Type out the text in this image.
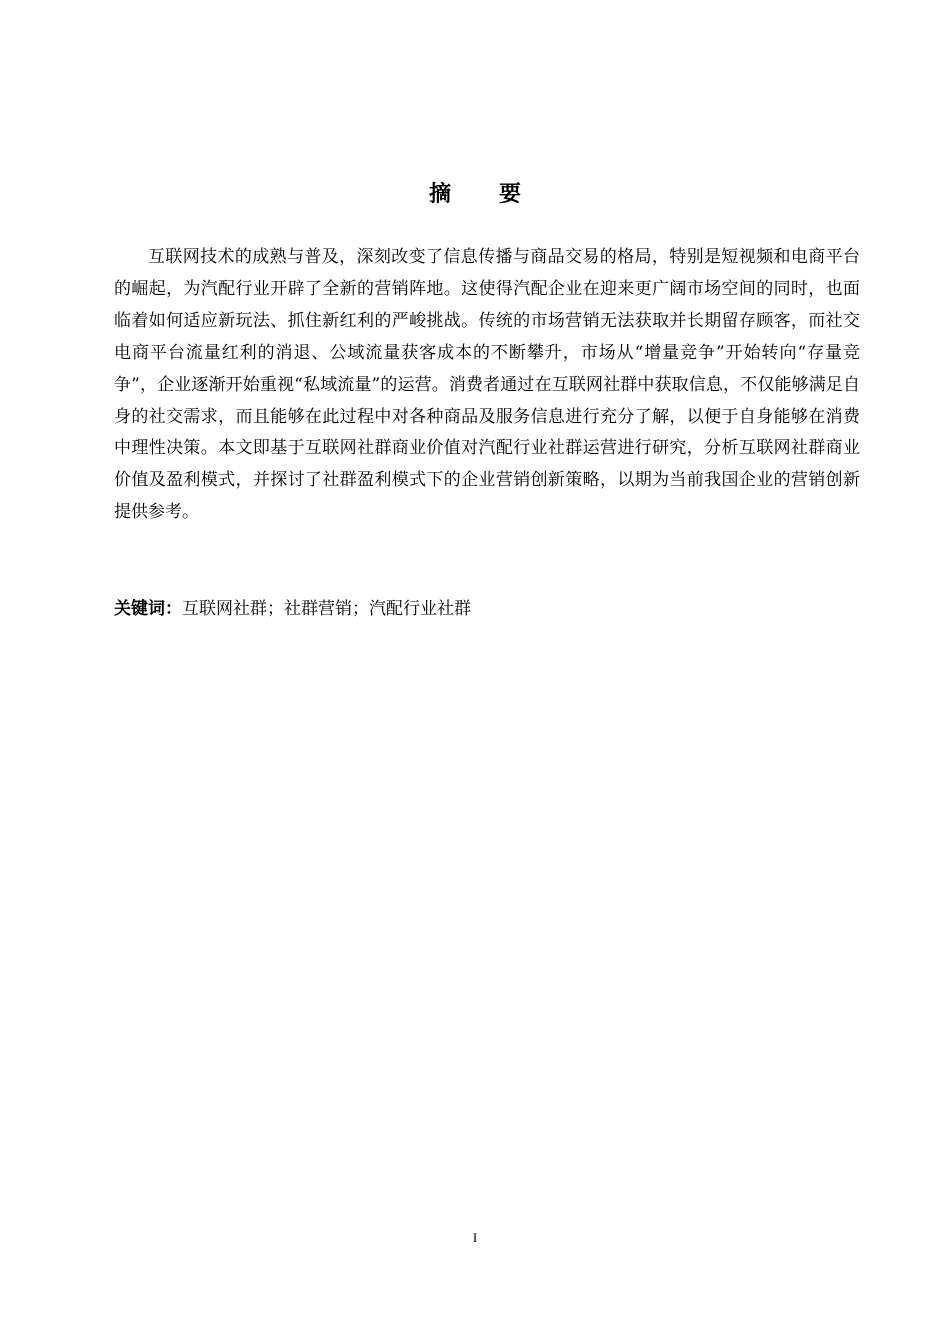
摘 要

互联网技术的成熟与普及，深刻改变了信息传播与商品交易的格局，特别是短视频和电商平台的崛起，为汽配行业开辟了全新的营销阵地。这使得汽配企业在迎来更广阔市场空间的同时，也面临着如何适应新玩法、抓住新红利的严峻挑战。传统的市场营销无法获取并长期留存顾客，而社交电商平台流量红利的消退、公域流量获客成本的不断攀升，市场从“增量竞争”开始转向“存量竞争”，企业逐渐开始重视“私域流量”的运营。消费者通过在互联网社群中获取信息，不仅能够满足自身的社交需求，而且能够在此过程中对各种商品及服务信息进行充分了解，以便于自身能够在消费中理性决策。本文即基于互联网社群商业价值对汽配行业社群运营进行研究，分析互联网社群商业价值及盈利模式，并探讨了社群盈利模式下的企业营销创新策略，以期为当前我国企业的营销创新提供参考。

关键词：互联网社群；社群营销；汽配行业社群

I
